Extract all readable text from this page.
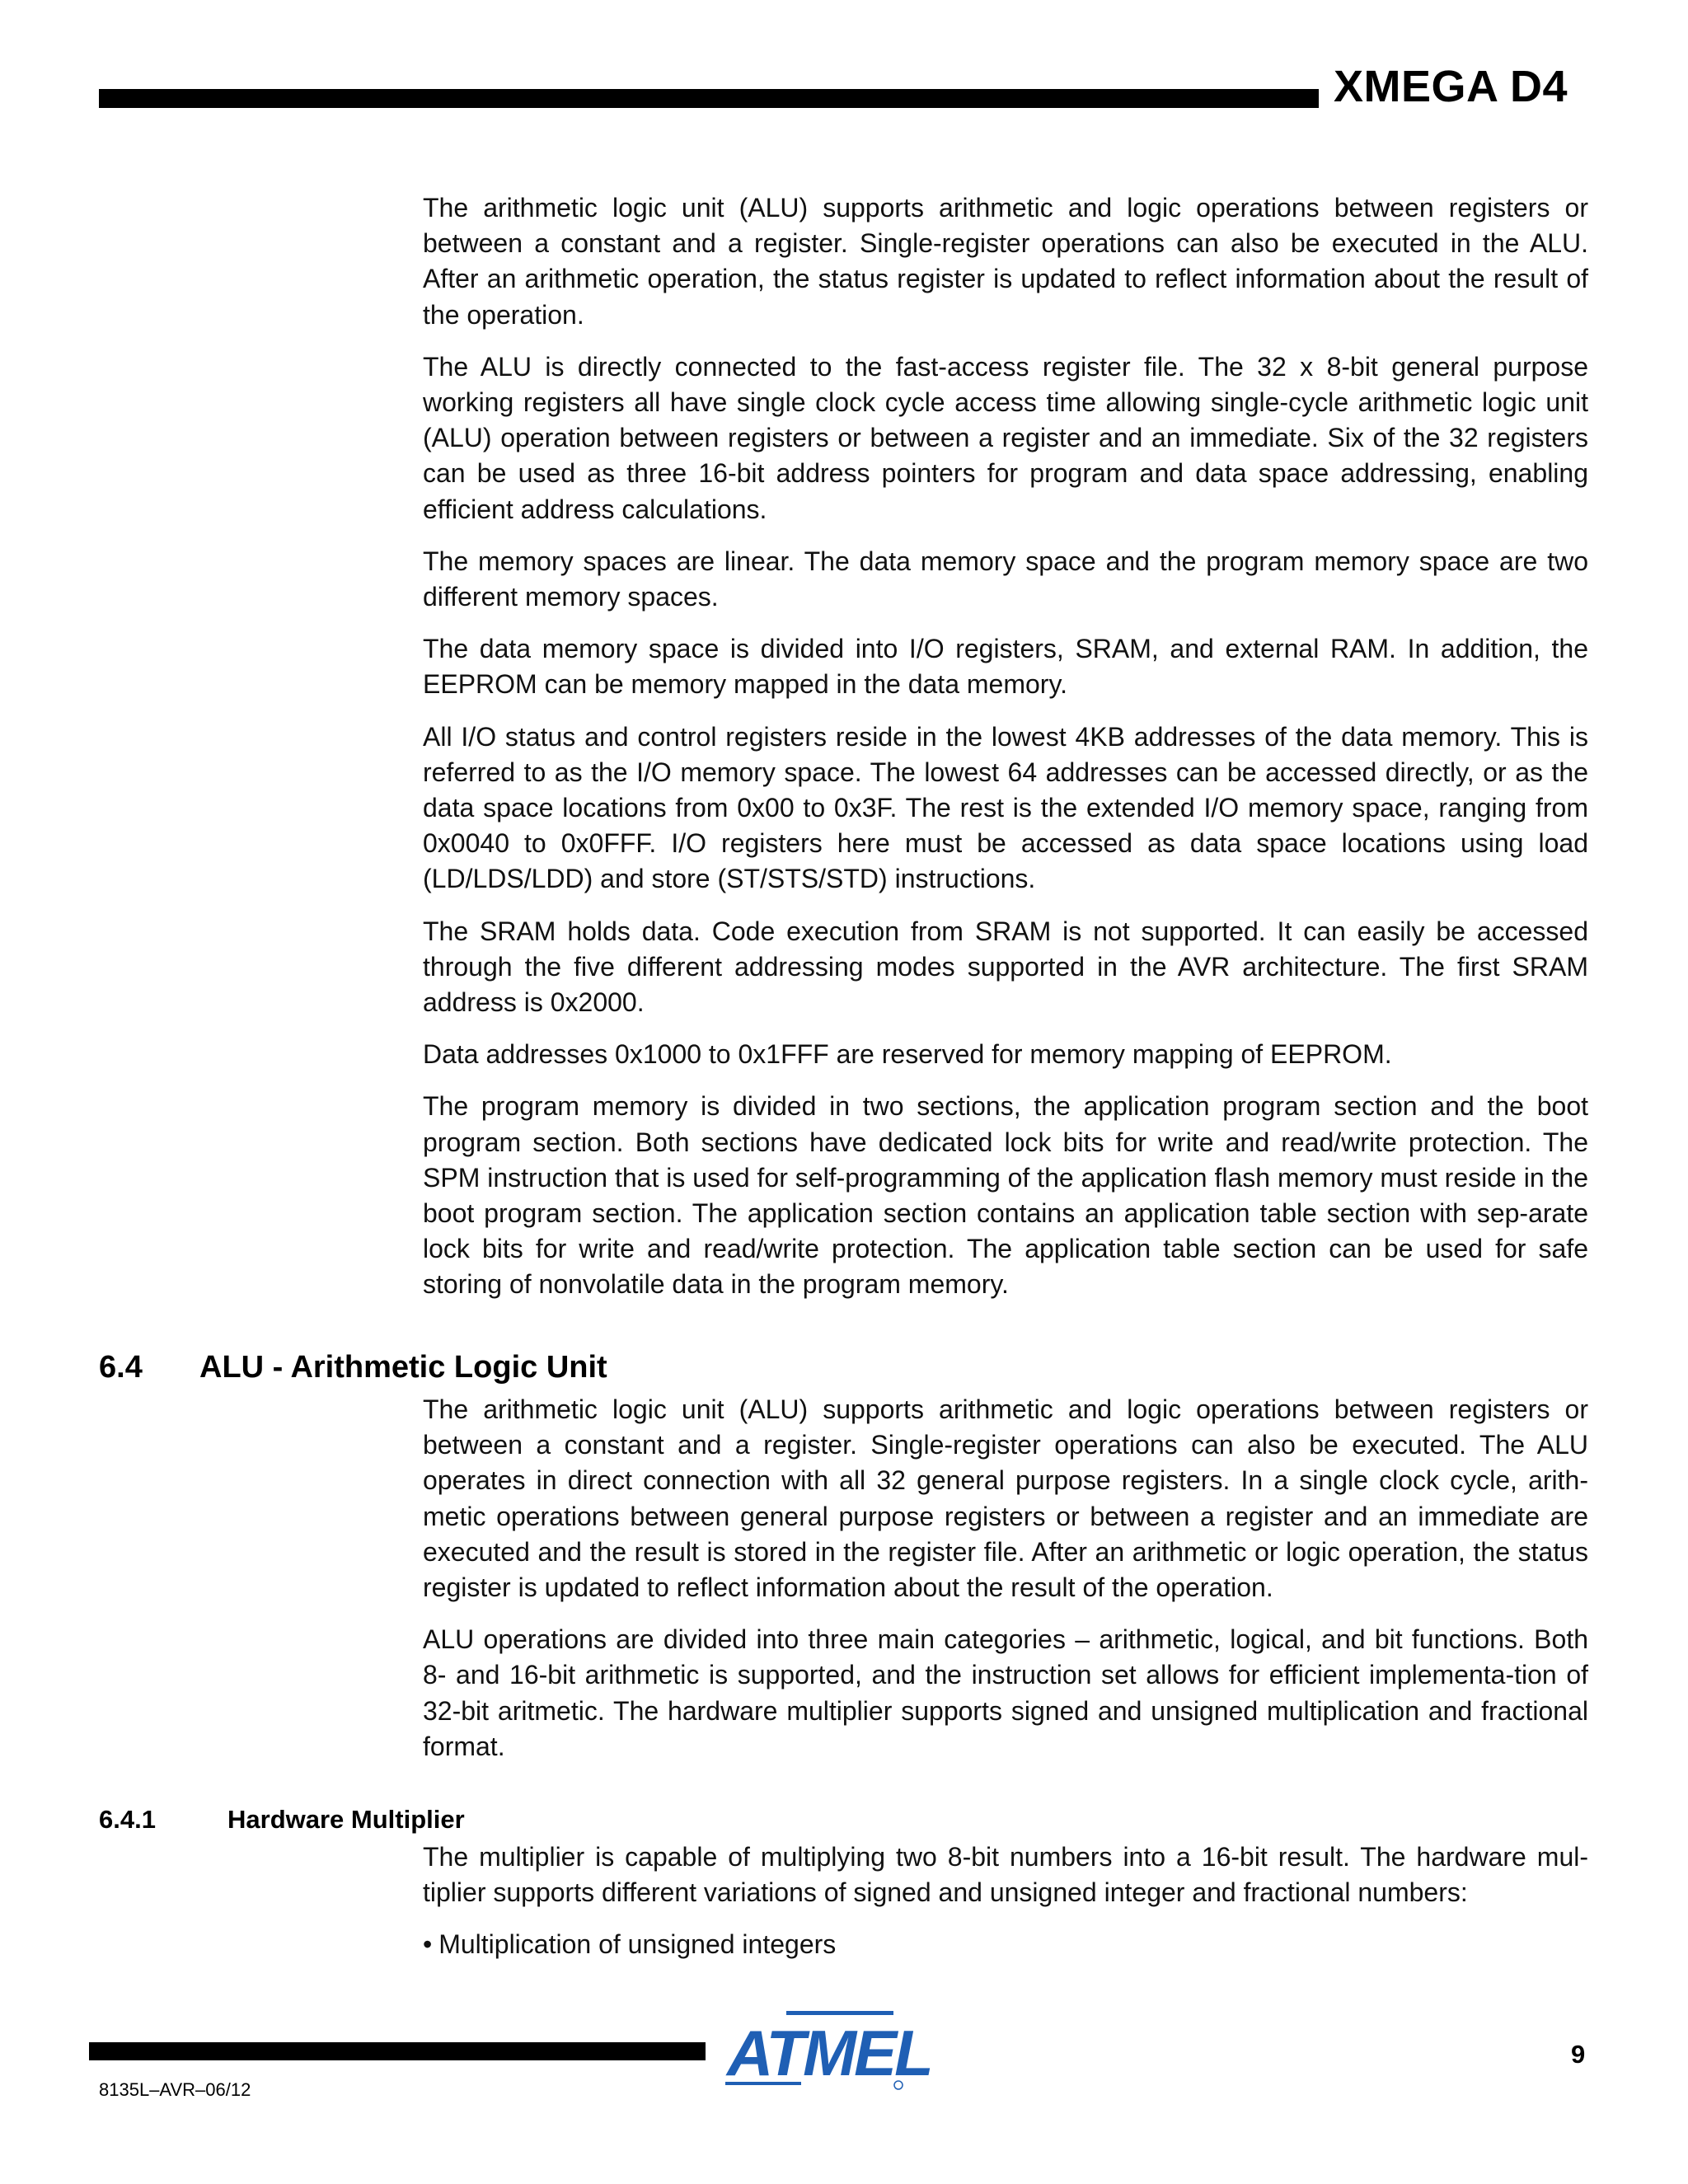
XMEGA D4

The arithmetic logic unit (ALU) supports arithmetic and logic operations between registers or between a constant and a register. Single-register operations can also be executed in the ALU. After an arithmetic operation, the status register is updated to reflect information about the result of the operation.

The ALU is directly connected to the fast-access register file. The 32 x 8-bit general purpose working registers all have single clock cycle access time allowing single-cycle arithmetic logic unit (ALU) operation between registers or between a register and an immediate. Six of the 32 registers can be used as three 16-bit address pointers for program and data space addressing, enabling efficient address calculations.

The memory spaces are linear. The data memory space and the program memory space are two different memory spaces.

The data memory space is divided into I/O registers, SRAM, and external RAM. In addition, the EEPROM can be memory mapped in the data memory.

All I/O status and control registers reside in the lowest 4KB addresses of the data memory. This is referred to as the I/O memory space. The lowest 64 addresses can be accessed directly, or as the data space locations from 0x00 to 0x3F. The rest is the extended I/O memory space, ranging from 0x0040 to 0x0FFF. I/O registers here must be accessed as data space locations using load (LD/LDS/LDD) and store (ST/STS/STD) instructions.

The SRAM holds data. Code execution from SRAM is not supported. It can easily be accessed through the five different addressing modes supported in the AVR architecture. The first SRAM address is 0x2000.

Data addresses 0x1000 to 0x1FFF are reserved for memory mapping of EEPROM.

The program memory is divided in two sections, the application program section and the boot program section. Both sections have dedicated lock bits for write and read/write protection. The SPM instruction that is used for self-programming of the application flash memory must reside in the boot program section. The application section contains an application table section with sep-arate lock bits for write and read/write protection. The application table section can be used for safe storing of nonvolatile data in the program memory.

6.4 ALU - Arithmetic Logic Unit

The arithmetic logic unit (ALU) supports arithmetic and logic operations between registers or between a constant and a register. Single-register operations can also be executed. The ALU operates in direct connection with all 32 general purpose registers. In a single clock cycle, arith-metic operations between general purpose registers or between a register and an immediate are executed and the result is stored in the register file. After an arithmetic or logic operation, the status register is updated to reflect information about the result of the operation.

ALU operations are divided into three main categories – arithmetic, logical, and bit functions. Both 8- and 16-bit arithmetic is supported, and the instruction set allows for efficient implementa-tion of 32-bit aritmetic. The hardware multiplier supports signed and unsigned multiplication and fractional format.

6.4.1	Hardware Multiplier

The multiplier is capable of multiplying two 8-bit numbers into a 16-bit result. The hardware mul-tiplier supports different variations of signed and unsigned integer and fractional numbers:

• Multiplication of unsigned integers
ATMEL	9
8135L–AVR–06/12
